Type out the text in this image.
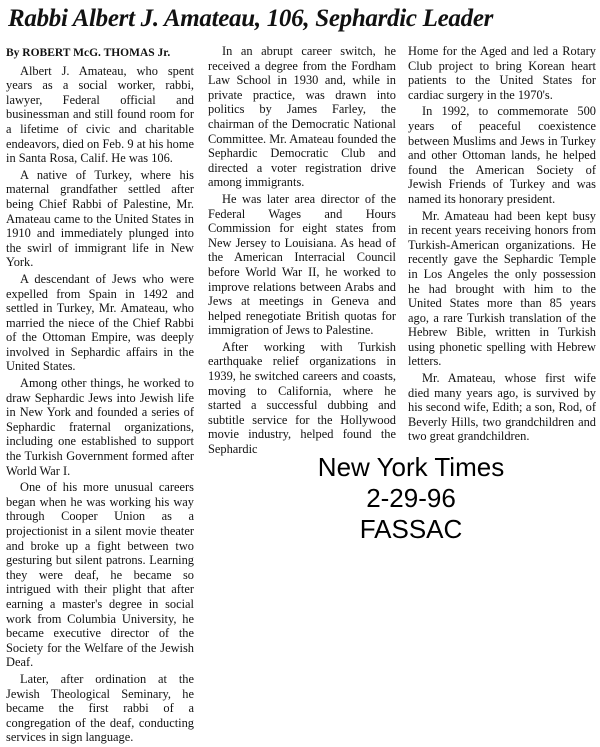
Rabbi Albert J. Amateau, 106, Sephardic Leader
By ROBERT McG. THOMAS Jr.

Albert J. Amateau, who spent years as a social worker, rabbi, lawyer, Federal official and businessman and still found room for a lifetime of civic and charitable endeavors, died on Feb. 9 at his home in Santa Rosa, Calif. He was 106.

A native of Turkey, where his maternal grandfather settled after being Chief Rabbi of Palestine, Mr. Amateau came to the United States in 1910 and immediately plunged into the swirl of immigrant life in New York.

A descendant of Jews who were expelled from Spain in 1492 and settled in Turkey, Mr. Amateau, who married the niece of the Chief Rabbi of the Ottoman Empire, was deeply involved in Sephardic affairs in the United States.

Among other things, he worked to draw Sephardic Jews into Jewish life in New York and founded a series of Sephardic fraternal organizations, including one established to support the Turkish Government formed after World War I.

One of his more unusual careers began when he was working his way through Cooper Union as a projectionist in a silent movie theater and broke up a fight between two gesturing but silent patrons. Learning they were deaf, he became so intrigued with their plight that after earning a master's degree in social work from Columbia University, he became executive director of the Society for the Welfare of the Jewish Deaf.

Later, after ordination at the Jewish Theological Seminary, he became the first rabbi of a congregation of the deaf, conducting services in sign language.

In an abrupt career switch, he received a degree from the Fordham Law School in 1930 and, while in private practice, was drawn into politics by James Farley, the chairman of the Democratic National Committee. Mr. Amateau founded the Sephardic Democratic Club and directed a voter registration drive among immigrants.

He was later area director of the Federal Wages and Hours Commission for eight states from New Jersey to Louisiana. As head of the American Interracial Council before World War II, he worked to improve relations between Arabs and Jews at meetings in Geneva and helped renegotiate British quotas for immigration of Jews to Palestine.

After working with Turkish earthquake relief organizations in 1939, he switched careers and coasts, moving to California, where he started a successful dubbing and subtitle service for the Hollywood movie industry, helped found the Sephardic

Home for the Aged and led a Rotary Club project to bring Korean heart patients to the United States for cardiac surgery in the 1970's.

In 1992, to commemorate 500 years of peaceful coexistence between Muslims and Jews in Turkey and other Ottoman lands, he helped found the American Society of Jewish Friends of Turkey and was named its honorary president.

Mr. Amateau had been kept busy in recent years receiving honors from Turkish-American organizations. He recently gave the Sephardic Temple in Los Angeles the only possession he had brought with him to the United States more than 85 years ago, a rare Turkish translation of the Hebrew Bible, written in Turkish using phonetic spelling with Hebrew letters.

Mr. Amateau, whose first wife died many years ago, is survived by his second wife, Edith; a son, Rod, of Beverly Hills, two grandchildren and two great grandchildren.

New York Times
2-29-96
FASSAC
